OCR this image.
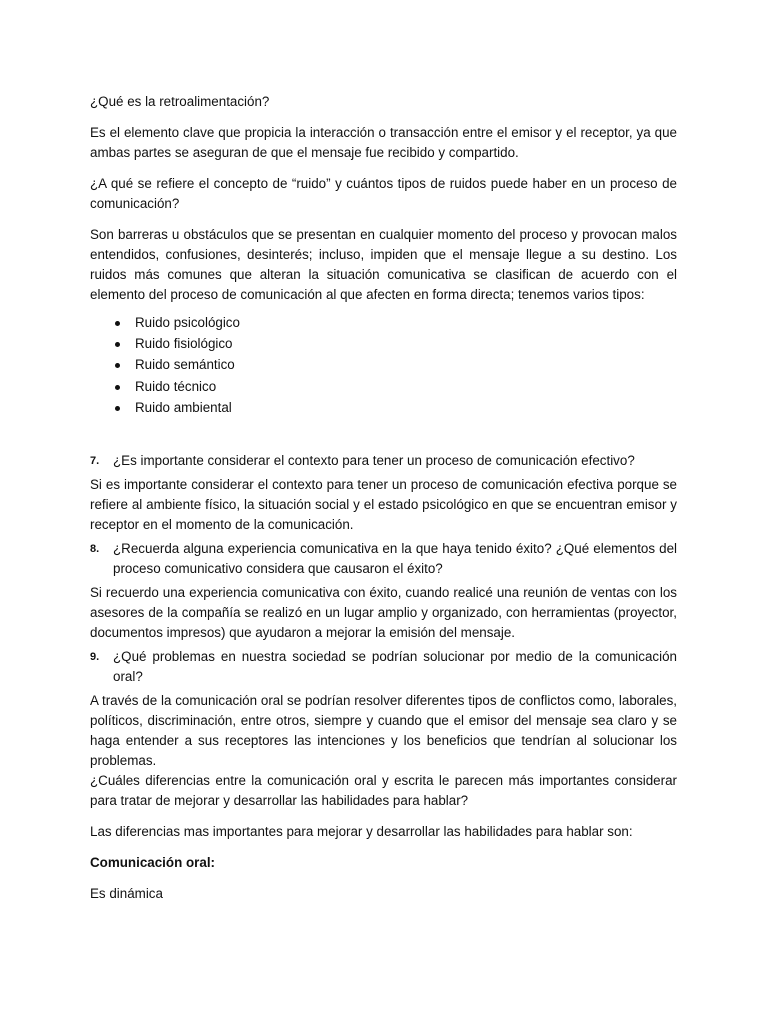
¿Qué es la retroalimentación?

Es el elemento clave que propicia la interacción o transacción entre el emisor y el receptor, ya que ambas partes se aseguran de que el mensaje fue recibido y compartido.

¿A qué se refiere el concepto de “ruido” y cuántos tipos de ruidos puede haber en un proceso de comunicación?

Son barreras u obstáculos que se presentan en cualquier momento del proceso y provocan malos entendidos, confusiones, desinterés; incluso, impiden que el mensaje llegue a su destino. Los ruidos más comunes que alteran la situación comunicativa se clasifican de acuerdo con el elemento del proceso de comunicación al que afecten en forma directa; tenemos varios tipos:

Ruido psicológico
Ruido fisiológico
Ruido semántico
Ruido técnico
Ruido ambiental
7. ¿Es importante considerar el contexto para tener un proceso de comunicación efectivo?

Si es importante considerar el contexto para tener un proceso de comunicación efectiva porque se refiere al ambiente físico, la situación social y el estado psicológico en que se encuentran emisor y receptor en el momento de la comunicación.

8. ¿Recuerda alguna experiencia comunicativa en la que haya tenido éxito? ¿Qué elementos del proceso comunicativo considera que causaron el éxito?

Si recuerdo una experiencia comunicativa con éxito, cuando realicé una reunión de ventas con los asesores de la compañía se realizó en un lugar amplio y organizado, con herramientas (proyector, documentos impresos) que ayudaron a mejorar la emisión del mensaje.

9. ¿Qué problemas en nuestra sociedad se podrían solucionar por medio de la comunicación oral?

A través de la comunicación oral se podrían resolver diferentes tipos de conflictos como, laborales, políticos, discriminación, entre otros, siempre y cuando que el emisor del mensaje sea claro y se haga entender a sus receptores las intenciones y los beneficios que tendrían al solucionar los problemas.

¿Cuáles diferencias entre la comunicación oral y escrita le parecen más importantes considerar para tratar de mejorar y desarrollar las habilidades para hablar?

Las diferencias mas importantes para mejorar y desarrollar las habilidades para hablar son:

Comunicación oral:

Es dinámica
